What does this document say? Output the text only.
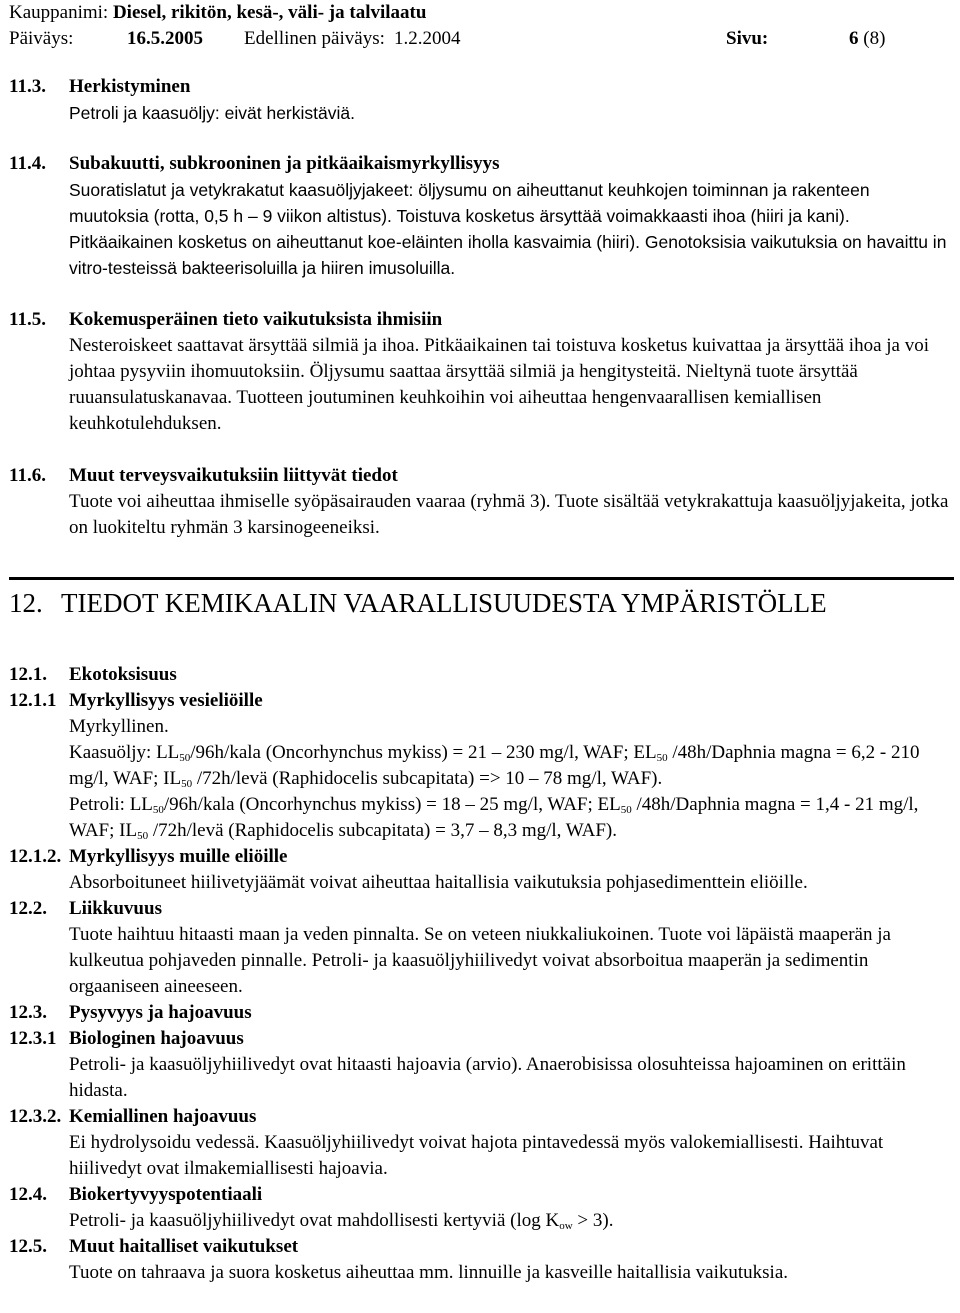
Kauppanimi: Diesel, rikitön, kesä-, väli- ja talvilaatu
Päiväys:	16.5.2005 Edellinen päiväys: 1.2.2004	Sivu:	6 (8)
11.3. Herkistyminen
Petroli ja kaasuöljy: eivät herkistäviä.
11.4. Subakuutti, subkrooninen ja pitkäaikaismyrkyllisyys
Suoratislatut ja vetykrakatut kaasuöljyjakeet: öljysumu on aiheuttanut keuhkojen toiminnan ja rakenteen muutoksia (rotta, 0,5 h – 9 viikon altistus). Toistuva kosketus ärsyttää voimakkaasti ihoa (hiiri ja kani). Pitkäaikainen kosketus on aiheuttanut koe-eläinten iholla kasvaimia (hiiri). Genotoksisia vaikutuksia on havaittu in vitro-testeissä bakteerisoluilla ja hiiren imusoluilla.
11.5. Kokemusperäinen tieto vaikutuksista ihmisiin
Nesteroiskeet saattavat ärsyttää silmiä ja ihoa. Pitkäaikainen tai toistuva kosketus kuivattaa ja ärsyttää ihoa ja voi johtaa pysyviin ihomuutoksiin. Öljysumu saattaa ärsyttää silmiä ja hengitysteitä. Nieltynä tuote ärsyttää ruuansulatuskanavaa. Tuotteen joutuminen keuhkoihin voi aiheuttaa hengenvaarallisen kemiallisen keuhkotulehduksen.
11.6. Muut terveysvaikutuksiin liittyvät tiedot
Tuote voi aiheuttaa ihmiselle syöpäsairauden vaaraa (ryhmä 3). Tuote sisältää vetykrakattuja kaasuöljyjakeita, jotka on luokiteltu ryhmän 3 karsinogeeneiksi.
12. TIEDOT KEMIKAALIN VAARALLISUUDESTA YMPÄRISTÖLLE
12.1. Ekotoksisuus
12.1.1 Myrkyllisyys vesieliöille
Myrkyllinen.
Kaasuöljy: $LL_{50}/96h$/kala (Oncorhynchus mykiss) = 21 – 230 mg/l, WAF; $EL_{50}$ /48h/Daphnia magna = 6,2 - 210 mg/l, WAF; $IL_{50}$ /72h/levä (Raphidocelis subcapitata) => 10 – 78 mg/l, WAF).
Petroli: $LL_{50}/96h$/kala (Oncorhynchus mykiss) = 18 – 25 mg/l, WAF; $EL_{50}$ /48h/Daphnia magna = 1,4 - 21 mg/l, WAF; $IL_{50}$ /72h/levä (Raphidocelis subcapitata) = 3,7 – 8,3 mg/l, WAF).
12.1.2. Myrkyllisyys muille eliöille
Absorboituneet hiilivetyjäämät voivat aiheuttaa haitallisia vaikutuksia pohjasedimenttein eliöille.
12.2. Liikkuvuus
Tuote haihtuu hitaasti maan ja veden pinnalta. Se on veteen niukkaliukoinen. Tuote voi läpäistä maaperän ja kulkeutua pohjaveden pinnalle. Petroli- ja kaasuöljyhiilivedyt voivat absorboitua maaperän ja sedimentin orgaaniseen aineeseen.
12.3. Pysyvyys ja hajoavuus
12.3.1 Biologinen hajoavuus
Petroli- ja kaasuöljyhiilivedyt ovat hitaasti hajoavia (arvio). Anaerobisissa olosuhteissa hajoaminen on erittäin hidasta.
12.3.2. Kemiallinen hajoavuus
Ei hydrolysoidu vedessä. Kaasuöljyhiilivedyt voivat hajota pintavedessä myös valokemiallisesti. Haihtuvat hiilivedyt ovat ilmakemiallisesti hajoavia.
12.4. Biokertyvyyspotentiaali
Petroli- ja kaasuöljyhiilivedyt ovat mahdollisesti kertyviä (log $K_{ow} > 3$).
12.5. Muut haitalliset vaikutukset
Tuote on tahraava ja suora kosketus aiheuttaa mm. linnuille ja kasveille haitallisia vaikutuksia.
